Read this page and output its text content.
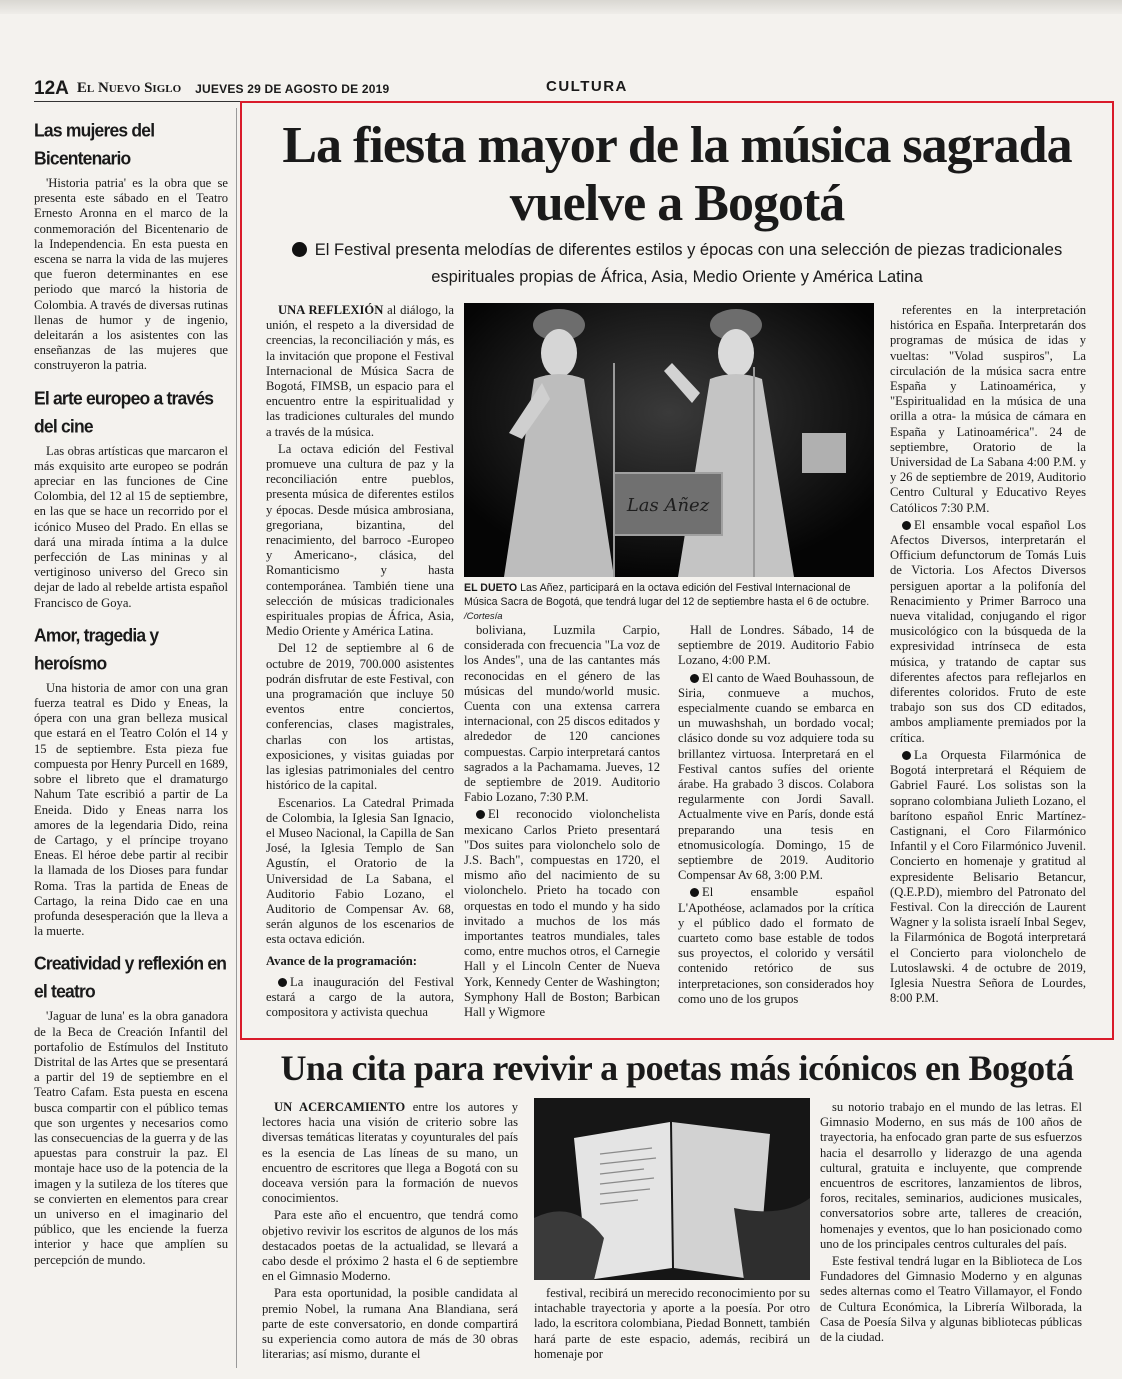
12A El Nuevo Siglo JUEVES 29 DE AGOSTO DE 2019	CULTURA
Las mujeres del Bicentenario
'Historia patria' es la obra que se presenta este sábado en el Teatro Ernesto Aronna en el marco de la conmemoración del Bicentenario de la Independencia. En esta puesta en escena se narra la vida de las mujeres que fueron determinantes en ese periodo que marcó la historia de Colombia. A través de diversas rutinas llenas de humor y de ingenio, deleitarán a los asistentes con las enseñanzas de las mujeres que construyeron la patria.
El arte europeo a través del cine
Las obras artísticas que marcaron el más exquisito arte europeo se podrán apreciar en las funciones de Cine Colombia, del 12 al 15 de septiembre, en las que se hace un recorrido por el icónico Museo del Prado. En ellas se dará una mirada íntima a la dulce perfección de Las mininas y al vertiginoso universo del Greco sin dejar de lado al rebelde artista español Francisco de Goya.
Amor, tragedia y heroísmo
Una historia de amor con una gran fuerza teatral es Dido y Eneas, la ópera con una gran belleza musical que estará en el Teatro Colón el 14 y 15 de septiembre. Esta pieza fue compuesta por Henry Purcell en 1689, sobre el libreto que el dramaturgo Nahum Tate escribió a partir de La Eneida. Dido y Eneas narra los amores de la legendaria Dido, reina de Cartago, y el príncipe troyano Eneas. El héroe debe partir al recibir la llamada de los Dioses para fundar Roma. Tras la partida de Eneas de Cartago, la reina Dido cae en una profunda desesperación que la lleva a la muerte.
Creatividad y reflexión en el teatro
'Jaguar de luna' es la obra ganadora de la Beca de Creación Infantil del portafolio de Estímulos del Instituto Distrital de las Artes que se presentará a partir del 19 de septiembre en el Teatro Cafam. Esta puesta en escena busca compartir con el público temas que son urgentes y necesarios como las consecuencias de la guerra y de las apuestas para construir la paz. El montaje hace uso de la potencia de la imagen y la sutileza de los títeres que se convierten en elementos para crear un universo en el imaginario del público, que les enciende la fuerza interior y hace que amplíen su percepción de mundo.
La fiesta mayor de la música sagrada vuelve a Bogotá
El Festival presenta melodías de diferentes estilos y épocas con una selección de piezas tradicionales espirituales propias de África, Asia, Medio Oriente y América Latina

UNA REFLEXIÓN al diálogo, la unión, el respeto a la diversidad de creencias, la reconciliación y más, es la invitación que propone el Festival Internacional de Música Sacra de Bogotá, FIMSB, un espacio para el encuentro entre la espiritualidad y las tradiciones culturales del mundo a través de la música.

La octava edición del Festival promueve una cultura de paz y la reconciliación entre pueblos, presenta música de diferentes estilos y épocas. Desde música ambrosiana, gregoriana, bizantina, del renacimiento, del barroco -Europeo y Americano-, clásica, del Romanticismo y hasta contemporánea. También tiene una selección de músicas tradicionales espirituales propias de África, Asia, Medio Oriente y América Latina.

Del 12 de septiembre al 6 de octubre de 2019, 700.000 asistentes podrán disfrutar de este Festival, con una programación que incluye 50 eventos entre conciertos, conferencias, clases magistrales, charlas con los artistas, exposiciones, y visitas guiadas por las iglesias patrimoniales del centro histórico de la capital.

Escenarios. La Catedral Primada de Colombia, la Iglesia San Ignacio, el Museo Nacional, la Capilla de San José, la Iglesia Templo de San Agustín, el Oratorio de la Universidad de La Sabana, el Auditorio Fabio Lozano, el Auditorio de Compensar Av. 68, serán algunos de los escenarios de esta octava edición.

Avance de la programación:

La inauguración del Festival estará a cargo de la autora, compositora y activista quechua

Las Añez
EL DUETO Las Añez, participará en la octava edición del Festival Internacional de Música Sacra de Bogotá, que tendrá lugar del 12 de septiembre hasta el 6 de octubre. /Cortesía

boliviana, Luzmila Carpio, considerada con frecuencia "La voz de los Andes", una de las cantantes más reconocidas en el género de las músicas del mundo/world music. Cuenta con una extensa carrera internacional, con 25 discos editados y alrededor de 120 canciones compuestas. Carpio interpretará cantos sagrados a la Pachamama. Jueves, 12 de septiembre de 2019. Auditorio Fabio Lozano, 7:30 P.M.

El reconocido violonchelista mexicano Carlos Prieto presentará "Dos suites para violonchelo solo de J.S. Bach", compuestas en 1720, el mismo año del nacimiento de su violonchelo. Prieto ha tocado con orquestas en todo el mundo y ha sido invitado a muchos de los más importantes teatros mundiales, tales como, entre muchos otros, el Carnegie Hall y el Lincoln Center de Nueva York, Kennedy Center de Washington; Symphony Hall de Boston; Barbican Hall y Wigmore

Hall de Londres. Sábado, 14 de septiembre de 2019. Auditorio Fabio Lozano, 4:00 P.M.

El canto de Waed Bouhassoun, de Siria, conmueve a muchos, especialmente cuando se embarca en un muwashshah, un bordado vocal; clásico donde su voz adquiere toda su brillantez virtuosa. Interpretará en el Festival cantos sufíes del oriente árabe. Ha grabado 3 discos. Colabora regularmente con Jordi Savall. Actualmente vive en París, donde está preparando una tesis en etnomusicología. Domingo, 15 de septiembre de 2019. Auditorio Compensar Av 68, 3:00 P.M.

El ensamble español L'Apothéose, aclamados por la crítica y el público dado el formato de cuarteto como base estable de todos sus proyectos, el colorido y versátil contenido retórico de sus interpretaciones, son considerados hoy como uno de los grupos

referentes en la interpretación histórica en España. Interpretarán dos programas de música de idas y vueltas: "Volad suspiros", La circulación de la música sacra entre España y Latinoamérica, y "Espiritualidad en la música de una orilla a otra- la música de cámara en España y Latinoamérica". 24 de septiembre, Oratorio de la Universidad de La Sabana 4:00 P.M. y y 26 de septiembre de 2019, Auditorio Centro Cultural y Educativo Reyes Católicos 7:30 P.M.

El ensamble vocal español Los Afectos Diversos, interpretarán el Officium defunctorum de Tomás Luis de Victoria. Los Afectos Diversos persiguen aportar a la polifonía del Renacimiento y Primer Barroco una nueva vitalidad, conjugando el rigor musicológico con la búsqueda de la expresividad intrínseca de esta música, y tratando de captar sus diferentes afectos para reflejarlos en diferentes coloridos. Fruto de este trabajo son sus dos CD editados, ambos ampliamente premiados por la crítica.

La Orquesta Filarmónica de Bogotá interpretará el Réquiem de Gabriel Fauré. Los solistas son la soprano colombiana Julieth Lozano, el barítono español Enric Martínez-Castignani, el Coro Filarmónico Infantil y el Coro Filarmónico Juvenil. Concierto en homenaje y gratitud al expresidente Belisario Betancur, (Q.E.P.D), miembro del Patronato del Festival. Con la dirección de Laurent Wagner y la solista israelí Inbal Segev, la Filarmónica de Bogotá interpretará el Concierto para violonchelo de Lutoslawski. 4 de octubre de 2019, Iglesia Nuestra Señora de Lourdes, 8:00 P.M.

Una cita para revivir a poetas más icónicos en Bogotá

UN ACERCAMIENTO entre los autores y lectores hacia una visión de criterio sobre las diversas temáticas literatas y coyunturales del país es la esencia de Las líneas de su mano, un encuentro de escritores que llega a Bogotá con su doceava versión para la formación de nuevos conocimientos.

Para este año el encuentro, que tendrá como objetivo revivir los escritos de algunos de los más destacados poetas de la actualidad, se llevará a cabo desde el próximo 2 hasta el 6 de septiembre en el Gimnasio Moderno.

Para esta oportunidad, la posible candidata al premio Nobel, la rumana Ana Blandiana, será parte de este conversatorio, en donde compartirá su experiencia como autora de más de 30 obras literarias; así mismo, durante el

festival, recibirá un merecido reconocimiento por su intachable trayectoria y aporte a la poesía. Por otro lado, la escritora colombiana, Piedad Bonnett, también hará parte de este espacio, además, recibirá un homenaje por

su notorio trabajo en el mundo de las letras. El Gimnasio Moderno, en sus más de 100 años de trayectoria, ha enfocado gran parte de sus esfuerzos hacia el desarrollo y liderazgo de una agenda cultural, gratuita e incluyente, que comprende encuentros de escritores, lanzamientos de libros, foros, recitales, seminarios, audiciones musicales, conversatorios sobre arte, talleres de creación, homenajes y eventos, que lo han posicionado como uno de los principales centros culturales del país.

Este festival tendrá lugar en la Biblioteca de Los Fundadores del Gimnasio Moderno y en algunas sedes alternas como el Teatro Villamayor, el Fondo de Cultura Económica, la Librería Wilborada, la Casa de Poesía Silva y algunas bibliotecas públicas de la ciudad.
